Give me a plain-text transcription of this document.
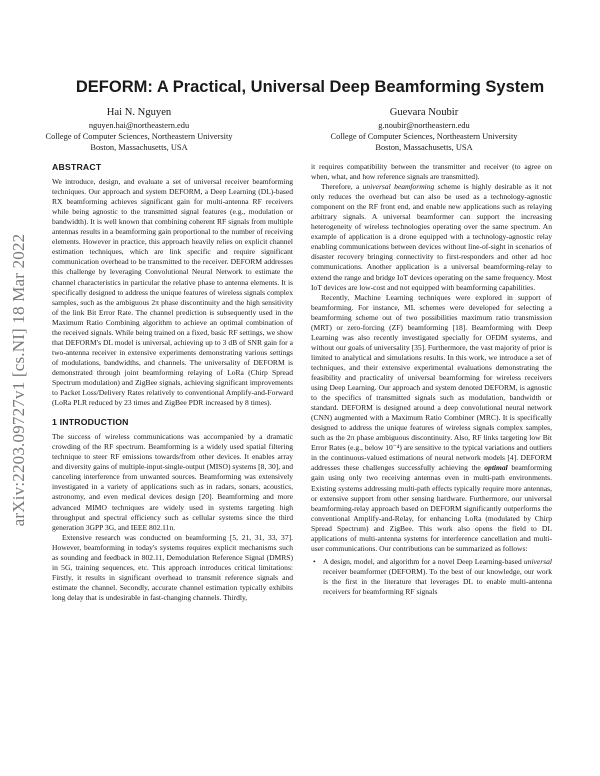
arXiv:2203.09727v1 [cs.NI] 18 Mar 2022
DEFORM: A Practical, Universal Deep Beamforming System
Hai N. Nguyen
nguyen.hai@northeastern.edu
College of Computer Sciences, Northeastern University
Boston, Massachusetts, USA
Guevara Noubir
g.noubir@northeastern.edu
College of Computer Sciences, Northeastern University
Boston, Massachusetts, USA
ABSTRACT

We introduce, design, and evaluate a set of universal receiver beamforming techniques. Our approach and system DEFORM, a Deep Learning (DL)-based RX beamforming achieves significant gain for multi-antenna RF receivers while being agnostic to the transmitted signal features (e.g., modulation or bandwidth). It is well known that combining coherent RF signals from multiple antennas results in a beamforming gain proportional to the number of receiving elements. However in practice, this approach heavily relies on explicit channel estimation techniques, which are link specific and require significant communication overhead to be transmitted to the receiver. DEFORM addresses this challenge by leveraging Convolutional Neural Network to estimate the channel characteristics in particular the relative phase to antenna elements. It is specifically designed to address the unique features of wireless signals complex samples, such as the ambiguous 2π phase discontinuity and the high sensitivity of the link Bit Error Rate. The channel prediction is subsequently used in the Maximum Ratio Combining algorithm to achieve an optimal combination of the received signals. While being trained on a fixed, basic RF settings, we show that DEFORM's DL model is universal, achieving up to 3 dB of SNR gain for a two-antenna receiver in extensive experiments demonstrating various settings of modulations, bandwidths, and channels. The universality of DEFORM is demonstrated through joint beamforming relaying of LoRa (Chirp Spread Spectrum modulation) and ZigBee signals, achieving significant improvements to Packet Loss/Delivery Rates relatively to conventional Amplify-and-Forward (LoRa PLR reduced by 23 times and ZigBee PDR increased by 8 times).

1 INTRODUCTION

The success of wireless communications was accompanied by a dramatic crowding of the RF spectrum. Beamforming is a widely used spatial filtering technique to steer RF emissions towards/from other devices. It enables array and diversity gains of multiple-input-single-output (MISO) systems [8, 30], and canceling interference from unwanted sources. Beamforming was extensively investigated in a variety of applications such as in radars, sonars, acoustics, astronomy, and even medical devices design [20]. Beamforming and more advanced MIMO techniques are widely used in systems targeting high throughput and spectral efficiency such as cellular systems since the third generation 3GPP 3G, and IEEE 802.11n.

Extensive research was conducted on beamforming [5, 21, 31, 33, 37]. However, beamforming in today's systems requires explicit mechanisms such as sounding and feedback in 802.11, Demodulation Reference Signal (DMRS) in 5G, training sequences, etc. This approach introduces critical limitations: Firstly, it results in significant overhead to transmit reference signals and estimate the channel. Secondly, accurate channel estimation typically exhibits long delay that is undesirable in fast-changing channels. Thirdly,

it requires compatibility between the transmitter and receiver (to agree on when, what, and how reference signals are transmitted).

Therefore, a universal beamforming scheme is highly desirable as it not only reduces the overhead but can also be used as a technology-agnostic component on the RF front end, and enable new applications such as relaying arbitrary signals. A universal beamformer can support the increasing heterogeneity of wireless technologies operating over the same spectrum. An example of application is a drone equipped with a technology-agnostic relay enabling communications between devices without line-of-sight in scenarios of disaster recovery bringing connectivity to first-responders and other ad hoc communications. Another application is a universal beamforming-relay to extend the range and bridge IoT devices operating on the same frequency. Most IoT devices are low-cost and not equipped with beamforming capabilities.

Recently, Machine Learning techniques were explored in support of beamforming. For instance, ML schemes were developed for selecting a beamforming scheme out of two possibilities maximum ratio transmission (MRT) or zero-forcing (ZF) beamforming [18]. Beamforming with Deep Learning was also recently investigated specially for OFDM systems, and without our goals of universality [35]. Furthermore, the vast majority of prior is limited to analytical and simulations results. In this work, we introduce a set of techniques, and their extensive experimental evaluations demonstrating the feasibility and practicality of universal beamforming for wireless receivers using Deep Learning. Our approach and system denoted DEFORM, is agnostic to the specifics of transmitted signals such as modulation, bandwidth or standard. DEFORM is designed around a deep convolutional neural network (CNN) augmented with a Maximum Ratio Combiner (MRC). It is specifically designed to address the unique features of wireless signals complex samples, such as the 2π phase ambiguous discontinuity. Also, RF links targeting low Bit Error Rates (e.g., below 10⁻⁴) are sensitive to the typical variations and outliers in the continuous-valued estimations of neural network models [4]. DEFORM addresses these challenges successfully achieving the optimal beamforming gain using only two receiving antennas even in multi-path environments. Existing systems addressing multi-path effects typically require more antennas, or extensive support from other sensing hardware. Furthermore, our universal beamforming-relay approach based on DEFORM significantly outperforms the conventional Amplify-and-Relay, for enhancing LoRa (modulated by Chirp Spread Spectrum) and ZigBee. This work also opens the field to DL applications of multi-antenna systems for interference cancellation and multi-user communications. Our contributions can be summarized as follows:

• A design, model, and algorithm for a novel Deep Learning-based universal receiver beamformer (DEFORM). To the best of our knowledge, our work is the first in the literature that leverages DL to enable multi-antenna receivers for beamforming RF signals
